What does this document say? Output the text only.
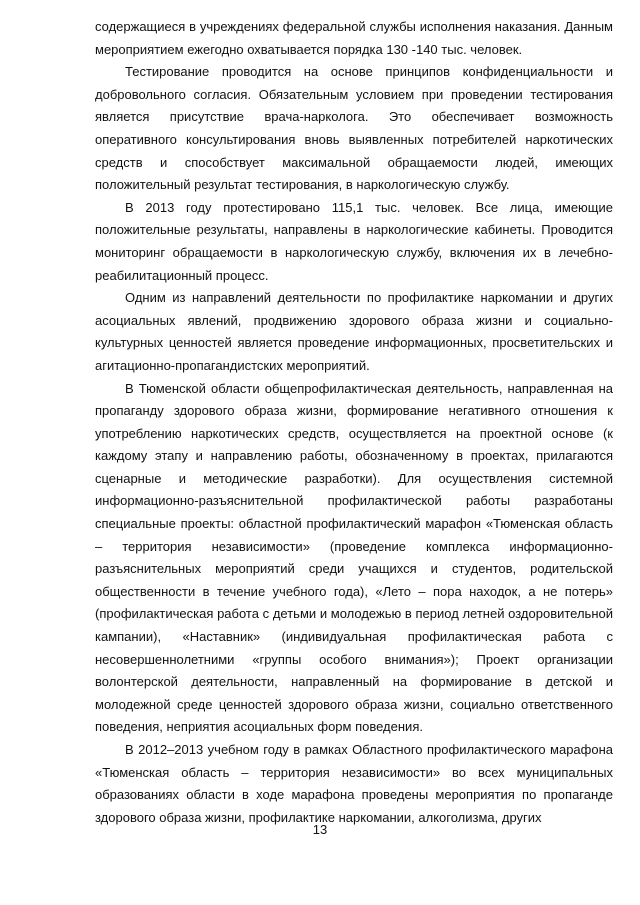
содержащиеся в учреждениях федеральной службы исполнения наказания. Данным мероприятием ежегодно охватывается порядка 130 -140 тыс. человек.

Тестирование проводится на основе принципов конфиденциальности и добровольного согласия. Обязательным условием при проведении тестирования является присутствие врача-нарколога. Это обеспечивает возможность оперативного консультирования вновь выявленных потребителей наркотических средств и способствует максимальной обращаемости людей, имеющих положительный результат тестирования, в наркологическую службу.

В 2013 году протестировано 115,1 тыс. человек. Все лица, имеющие положительные результаты, направлены в наркологические кабинеты. Проводится мониторинг обращаемости в наркологическую службу, включения их в лечебно-реабилитационный процесс.

Одним из направлений деятельности по профилактике наркомании и других асоциальных явлений, продвижению здорового образа жизни и социально-культурных ценностей является проведение информационных, просветительских и агитационно-пропагандистских мероприятий.

В Тюменской области общепрофилактическая деятельность, направленная на пропаганду здорового образа жизни, формирование негативного отношения к употреблению наркотических средств, осуществляется на проектной основе (к каждому этапу и направлению работы, обозначенному в проектах, прилагаются сценарные и методические разработки). Для осуществления системной информационно-разъяснительной профилактической работы разработаны специальные проекты: областной профилактический марафон «Тюменская область – территория независимости» (проведение комплекса информационно-разъяснительных мероприятий среди учащихся и студентов, родительской общественности в течение учебного года), «Лето – пора находок, а не потерь» (профилактическая работа с детьми и молодежью в период летней оздоровительной кампании), «Наставник» (индивидуальная профилактическая работа с несовершеннолетними «группы особого внимания»); Проект организации волонтерской деятельности, направленный на формирование в детской и молодежной среде ценностей здорового образа жизни, социально ответственного поведения, неприятия асоциальных форм поведения.

В 2012–2013 учебном году в рамках Областного профилактического марафона «Тюменская область – территория независимости» во всех муниципальных образованиях области в ходе марафона проведены мероприятия по пропаганде здорового образа жизни, профилактике наркомании, алкоголизма, других

13
